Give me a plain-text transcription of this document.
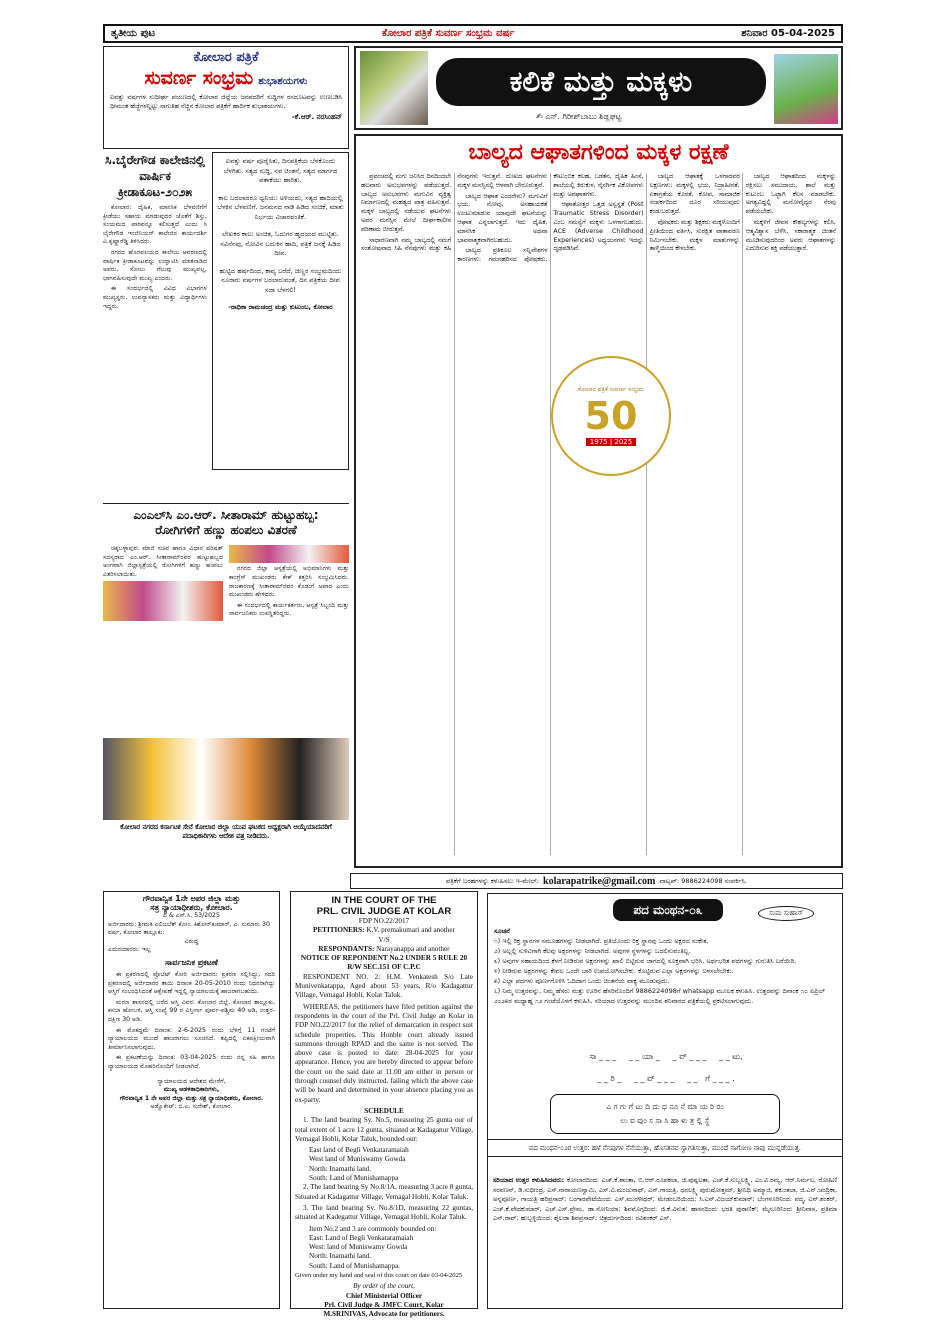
ತೃತೀಯ ಪುಟ	ಕೋಲಾರ ಪತ್ರಿಕೆ ಸುವರ್ಣ ಸಂಭ್ರಮ ವರ್ಷ	ಶನಿವಾರ 05-04-2025
ಕೋಲಾರ ಪತ್ರಿಕೆ
ಸುವರ್ಣ ಸಂಭ್ರಮ ಶುಭಾಶಯಗಳು
ಐವತ್ತು ವರ್ಷಗಳ ಸುದೀರ್ಘ ಪಯಣದಲ್ಲಿ ಕೋಲಾರ ಜಿಲ್ಲೆಯ ಜನಪದರಿಗೆ ಸುದ್ದಿಗಳ ರಸದೂಟವನ್ನು ಉಣಬಡಿಸಿ ಧೀಮಂತ ಹೆಜ್ಜೆಗಳನ್ನಿಟ್ಟು ಸಾಗುತಿಹ ನೆಚ್ಚಿನ ಕೋಲಾರ ಪತ್ರಿಕೆಗೆ ಹಾರ್ದಿಕ ಶುಭಾಶಯಗಳು.
-ಕೆ.ಆರ್. ನರಸಿಂಹನ್
ಕಲಿಕೆ ಮತ್ತು ಮಕ್ಕಳು
✍ ಎನ್. ಗಿರೀಶ್‌ಬಾಬು ಶಿಡ್ಲಘಟ್ಟ
ಬಾಲ್ಯದ ಆಘಾತಗಳಿಂದ ಮಕ್ಕಳ ರಕ್ಷಣೆ

ಪ್ರಪಂಚದಲ್ಲಿ ಮಗು ಜನಿಸಿದ ದಿನದಿಂದಲೇ ಹಲವಾರು ಅನುಭವಗಳನ್ನು ಪಡೆಯುತ್ತದೆ. ಬಾಲ್ಯದ ಅನುಭವಗಳು ಮಗುವಿನ ವ್ಯಕ್ತಿತ್ವ ನಿರ್ಮಾಣದಲ್ಲಿ ಮಹತ್ವದ ಪಾತ್ರ ವಹಿಸುತ್ತವೆ. ಮಕ್ಕಳ ಬಾಲ್ಯದಲ್ಲಿ ನಡೆಯುವ ಘಟನೆಗಳು ಅವರ ಮನಸ್ಸಿನ ಮೇಲೆ ದೀರ್ಘಕಾಲೀನ ಪರಿಣಾಮ ಬೀರುತ್ತವೆ.

ಸಾಧಾರಣವಾಗಿ ನಮ್ಮ ಬಾಲ್ಯದಲ್ಲಿ ನಮಗೆ ಸಂತೋಷವಾದ ಸಿಹಿ ನೆನಪುಗಳು ಮತ್ತು ಕಹಿ ನೆನಪುಗಳು ಇರುತ್ತವೆ. ದುಃಖದ ಘಟನೆಗಳು ಮಕ್ಕಳ ಮನಸ್ಸಿನಲ್ಲಿ ಆಳವಾಗಿ ಬೇರೂರುತ್ತವೆ.

ಬಾಲ್ಯದ ಆಘಾತ ಎಂದರೇನು? ಮಗುವಿಗೆ ಭಯ, ನೋವು, ಅಸಹಾಯಕತೆ ಉಂಟುಮಾಡುವ ಯಾವುದೇ ಘಟನೆಯನ್ನು ಆಘಾತ ಎನ್ನಲಾಗುತ್ತದೆ. ಇದು ದೈಹಿಕ, ಮಾನಸಿಕ ಅಥವಾ ಭಾವನಾತ್ಮಕವಾಗಿರಬಹುದು.

ಬಾಲ್ಯದ ಪ್ರತಿಕೂಲ ಸನ್ನಿವೇಶಗಳ ಕಾರಣಗಳು: ಗಮನಹರಿಸದ ಪೋಷಕರು, ಕೌಟುಂಬಿಕ ಕಲಹ, ಬಡತನ, ದೈಹಿಕ ಹಿಂಸೆ, ಶಾಲೆಯಲ್ಲಿ ಕಿರುಕುಳ, ನೈಸರ್ಗಿಕ ವಿಕೋಪಗಳು ಮತ್ತು ಅಪಘಾತಗಳು.

ಆಘಾತೋತ್ತರ ಒತ್ತಡ ಅಸ್ವಸ್ಥತೆ (Post Traumatic Stress Disorder) ಎಂಬ ಸಮಸ್ಯೆಗೆ ಮಕ್ಕಳು ಒಳಗಾಗಬಹುದು. ACE (Adverse Childhood Experiences) ಅಧ್ಯಯನಗಳು ಇದನ್ನು ದೃಢಪಡಿಸಿವೆ.

ಬಾಲ್ಯದ ಆಘಾತಕ್ಕೆ ಒಳಗಾದವರ ಲಕ್ಷಣಗಳು: ಮಕ್ಕಳಲ್ಲಿ ಭಯ, ನಿದ್ರಾಹೀನತೆ, ಏಕಾಗ್ರತೆಯ ಕೊರತೆ, ಕೋಪ, ಸಾಮಾಜಿಕ ಸಂಪರ್ಕದಿಂದ ದೂರ ಸರಿಯುವುದು ಕಂಡುಬರುತ್ತದೆ.

ಪೋಷಕರು ಮತ್ತು ಶಿಕ್ಷಕರು ಮಕ್ಕಳೊಂದಿಗೆ ಪ್ರೀತಿಯಿಂದ ವರ್ತಿಸಿ, ಸುರಕ್ಷಿತ ವಾತಾವರಣ ನಿರ್ಮಿಸಬೇಕು. ಮಕ್ಕಳ ಮಾತುಗಳನ್ನು ತಾಳ್ಮೆಯಿಂದ ಕೇಳಬೇಕು.

ಬಾಲ್ಯದ ಆಘಾತದಿಂದ ಮಕ್ಕಳನ್ನು ರಕ್ಷಿಸಲು ಸಮುದಾಯ, ಶಾಲೆ ಮತ್ತು ಕುಟುಂಬ ಒಟ್ಟಾಗಿ ಕೆಲಸ ಮಾಡಬೇಕು. ಅಗತ್ಯವಿದ್ದಲ್ಲಿ ಮನೋವೈದ್ಯರ ನೆರವು ಪಡೆಯಬೇಕು.

ಮಕ್ಕಳಿಗೆ ಜೀವನ ಕೌಶಲ್ಯಗಳನ್ನು ಕಲಿಸಿ, ಆತ್ಮವಿಶ್ವಾಸ ಬೆಳೆಸಿ, ಸಕಾರಾತ್ಮಕ ಚಿಂತನೆ ಮೂಡಿಸುವುದರಿಂದ ಅವರು ಆಘಾತಗಳನ್ನು ಎದುರಿಸುವ ಶಕ್ತಿ ಪಡೆಯುತ್ತಾರೆ.

ಕೋಲಾರ ಪತ್ರಿಕೆ ಸುವರ್ಣ ಸಂಭ್ರಮ
50
1975 | 2025
ಸಿ.ಬೈರೇಗೌಡ ಕಾಲೇಜಿನಲ್ಲಿ ವಾರ್ಷಿಕ ಕ್ರೀಡಾಕೂಟ-೨೦೨೫

ಕೋಲಾರ: ದೈಹಿಕ, ಮಾನಸಿಕ ಬೆಳವಣಿಗೆಗೆ ಕ್ರೀಡೆಯು ಸಹಾಯ ಮಾಡುವುದರ ಜೊತೆಗೆ ಶಿಸ್ತು, ಸಂಯಮದ ಪಾಠವನ್ನೂ ಕಲಿಸುತ್ತದೆ ಎಂದು ಸಿ ಬೈರೇಗೌಡ ಇಂಜಿನಿಯರ್ ಕಾಲೇಜಿನ ಕಾರ್ಯದರ್ಶಿ ವಿ.ಕೃಷ್ಣಾರೆಡ್ಡಿ ತಿಳಿಸಿದರು.

ನಗರದ ಹೊರವಲಯದ ಕಾಲೇಜು ಆವರಣದಲ್ಲಿ ವಾರ್ಷಿಕ ಕ್ರೀಡಾಕೂಟವನ್ನು ಉದ್ಘಾಟಿಸಿ ಮಾತನಾಡಿದ ಅವರು, ಸೋಲು ಗೆಲುವು ಮುಖ್ಯವಲ್ಲ, ಭಾಗವಹಿಸುವುದೇ ಮುಖ್ಯ ಎಂದರು.

ಈ ಸಂದರ್ಭದಲ್ಲಿ ವಿವಿಧ ವಿಭಾಗಗಳ ಮುಖ್ಯಸ್ಥರು, ಉಪನ್ಯಾಸಕರು ಮತ್ತು ವಿದ್ಯಾರ್ಥಿಗಳು ಇದ್ದರು.

ಐವತ್ತು ವರ್ಷ ಪೂರೈಸಿತು, ದಿನಪತ್ರಿಕೆಯ ಬೆಳಕೊಂದು ಬೆಳಗಿತು. ಸತ್ಯದ ಸುದ್ದಿ, ನವ ಚಿಂತನೆ, ಸತ್ಯದ ಮಾರ್ಗದ ಪತಾಕೆಯು ಹಾರಿತು.
ಕಾಲ ಬದಲಾದರೂ ಧ್ವನಿಯು ಅಳಿಯದು, ಸತ್ಯದ ಹಾದಿಯಲ್ಲಿ ಬೆಳಕಿನ ಬೆಳವಣಿಗೆ. ಜನಮನದ ನಾಡಿ ಹಿಡಿದ ಸಂಚಿಕೆ, ಮಾತು ನಿರ್ಭಯ ವಿಚಾರವಂತಿಕೆ.
ಲೇಖಕರ ಕಾಲು ಅಂಚಿತ, ಓದುಗರ ಹೃದಯದ ಮುಟ್ಟಿತು. ಸವಿನೆನಪು, ನೋವಿನ ಬದುಕಿನ ಹಾದಿ, ಪತ್ರಿಕೆ ಜನಕ್ಕೆ ಹಿಡಿದ ದೀಪ.
ಹುಟ್ಟಿದ ಹರ್ಷದಿಂದ, ಕಾವ್ಯ ಬರೆದೆ, ಚಿಣ್ಣರ ಸಂಭ್ರಮದಿಂದು ನೂರಾರು ವರ್ಷಗಳ ಬರಲಾರುವಂತೆ, ದಿನ ಪತ್ರಿಕೆಯ ದೀಪ ಸದಾ ಬೆಳಗಲಿ!
-ರಾಧಿಕಾ ರಾಮಚಂದ್ರ ಮತ್ತು ಕುಟುಂಬ, ಕೋಲಾರ
ಎಂಎಲ್‌ಸಿ ಎಂ.ಆರ್. ಸೀತಾರಾಮ್ ಹುಟ್ಟುಹಬ್ಬ:
ರೋಗಿಗಳಿಗೆ ಹಣ್ಣು ಹಂಪಲು ವಿತರಣೆ

ಚಿಕ್ಕಬಳ್ಳಾಪುರ: ಮಾಜಿ ಸಚಿವ ಹಾಗೂ ವಿಧಾನ ಪರಿಷತ್ ಸದಸ್ಯರಾದ ಎಂ.ಆರ್. ಸೀತಾರಾಮ್‌ರವರ ಹುಟ್ಟುಹಬ್ಬದ ಅಂಗವಾಗಿ ಜಿಲ್ಲಾಸ್ಪತ್ರೆಯಲ್ಲಿ ರೋಗಿಗಳಿಗೆ ಹಣ್ಣು ಹಂಪಲು ವಿತರಿಸಲಾಯಿತು.

ನಗರದ ಜಿಲ್ಲಾ ಆಸ್ಪತ್ರೆಯಲ್ಲಿ ಅಭಿಮಾನಿಗಳು ಮತ್ತು ಕಾಂಗ್ರೆಸ್ ಮುಖಂಡರು ಕೇಕ್ ಕತ್ತರಿಸಿ ಸಂಭ್ರಮಿಸಿದರು. ರಾಜಕಾರಣಕ್ಕೆ ಸೀತಾರಾಮ್‌ರವರ ಕೊಡುಗೆ ಅಪಾರ ಎಂದು ಮುಖಂಡರು ಹೇಳಿದರು.

ಈ ಸಂದರ್ಭದಲ್ಲಿ ಕಾರ್ಯಕರ್ತರು, ಆಸ್ಪತ್ರೆ ಸಿಬ್ಬಂದಿ ಮತ್ತು ಸಾರ್ವಜನಿಕರು ಉಪಸ್ಥಿತರಿದ್ದರು.

ಕೋಲಾರ ನಗರದ ಕರ್ನಾಟಕ ಸೇನೆ ಕೋಲಾರ ಜಿಲ್ಲಾ ಯುವ ಘಟಕದ ಅಧ್ಯಕ್ಷರಾಗಿ ಆಯ್ಕೆಯಾದವರಿಗೆ ಪದಾಧಿಕಾರಿಗಳು ಆದೇಶ ಪತ್ರ ನೀಡಿದರು.
ಪತ್ರಿಕೆಗೆ ಬರಹಗಳನ್ನು ಕಳುಹಿಸಲು ಇ-ಮೇಲ್: kolarapatrike@gmail.com ವಾಟ್ಸಪ್: 9886224098 ಸಂಪರ್ಕಿಸಿ.
ಗೌರವಾನ್ವಿತ 1ನೇ ಅಪರ ಜಿಲ್ಲಾ ಮತ್ತು
ಸತ್ರ ನ್ಯಾಯಾಧೀಶರು, ಕೋಲಾರ.
ಪಿ & ಎಸ್.ಸಿ. 53/2025
ಅರ್ಜಿದಾರರು: ಶ್ರೀಮತಿ ಎಲಿಜಬೆತ್ ಕೋಂ. ಕಿಶೋರ್‌ಕುಮಾರ್, ಎ. ಸುಮಾರು 30 ವರ್ಷ, ಕೋಲಾರ ತಾಲ್ಲೂಕು.
ವಿರುದ್ಧ
ಎದುರುದಾರರು: ಇಲ್ಲ
ಸಾರ್ವಜನಿಕ ಪ್ರಕಟಣೆ

ಈ ಪ್ರಕರಣದಲ್ಲಿ ಪ್ರೊಬೆಟ್ ಕೋರಿ ಅರ್ಜಿದಾರರು ಪ್ರಕರಣ ಸಲ್ಲಿಸಿದ್ದು, ಸದರಿ ಪ್ರಕರಣದಲ್ಲಿ ಅರ್ಜಿದಾರರ ತಾಯಿ ದಿನಾಂಕ 20-05-2010 ರಂದು ನಿಧನರಾಗಿದ್ದು ಆಸ್ತಿಗೆ ಸಂಬಂಧಿಸಿದಂತೆ ಆಕ್ಷೇಪಣೆ ಇದ್ದಲ್ಲಿ ನ್ಯಾಯಾಲಯಕ್ಕೆ ಹಾಜರಾಗಬಹುದು.

ಮರಣ ಶಾಸನದಲ್ಲಿ ಬರೆದ ಆಸ್ತಿ ವಿವರ: ಕೋಲಾರ ಜಿಲ್ಲೆ, ಕೋಲಾರ ತಾಲ್ಲೂಕು, ಕಸಬಾ ಹೋಬಳಿ, ಆಸ್ತಿ ಸಂಖ್ಯೆ 99 ರ ವಿಸ್ತೀರ್ಣ ಪೂರ್ವ-ಪಶ್ಚಿಮ 40 ಅಡಿ, ಉತ್ತರ-ದಕ್ಷಿಣ 30 ಅಡಿ.

ಈ ಮೊಕದ್ದಮೆ ದಿನಾಂಕ: 2-6-2025 ರಂದು ಬೆಳಿಗ್ಗೆ 11 ಗಂಟೆಗೆ ನ್ಯಾಯಾಲಯದ ಮುಂದೆ ಹಾಜರಾಗಲು ಸೂಚಿಸಿದೆ. ತಪ್ಪಿದಲ್ಲಿ ಏಕಪಕ್ಷೀಯವಾಗಿ ತೀರ್ಮಾನಿಸಲಾಗುವುದು.

ಈ ಪ್ರಕಟಣೆಯನ್ನು ದಿನಾಂಕ: 03-04-2025 ರಂದು ನನ್ನ ಸಹಿ ಹಾಗೂ ನ್ಯಾಯಾಲಯದ ಮೊಹರಿನೊಂದಿಗೆ ನೀಡಲಾಗಿದೆ.

ನ್ಯಾಯಾಲಯದ ಆದೇಶದ ಮೇರೆಗೆ,
ಮುಖ್ಯ ಆಡಳಿತಾಧಿಕಾರಿಗಳು,
ಗೌರವಾನ್ವಿತ 1 ನೇ ಅಪರ ಜಿಲ್ಲಾ ಮತ್ತು ಸತ್ರ ನ್ಯಾಯಾಧೀಶರು, ಕೋಲಾರ.
ಅಡ್ವೊಕೇಟ್: ಬಿ.ಎ. ಸುರೇಶ್, ಕೋಲಾರ.
IN THE COURT OF THE
PRL. CIVIL JUDGE AT KOLAR
FDP NO.22/2017
PETITIONERS: K.V. premakumari and another
V/S
RESPONDANTS: Narayanappa and another
NOTICE OF REPONDENT No.2 UNDER 5 RULE 20 R/W SEC.151 OF C.P.C

RESPONDENT NO. 2: H.M. Venkatesh S/o Late Munivenkatappa, Aged about 53 years, R/o Kadagattur Village, Vemagal Hobli, Kolar Taluk.

WHEREAS, the petitioners have filed petition against the respondents in the court of the Prl. Civil Judge an Kolar in FDP NO.22/2017 for the relief of demarcation in respect suit schedule properties. This Honble court already issued summons through RPAD and the same is not served. The above case is posted to date: 28-04-2025 for your appearance. Hence, you are hereby directed to appear before the court on the said date at 11.00 am either in person or through counsel duly instructed. failing which the above case will be heard and determined in your absence placing you as ex-party.

SCHEDULE

1. The land bearing Sy. No.5, measuring 25 gunta our of total extent of 1 acre 12 gunta, situated at Kadaganur Village, Vemagal Hobli, Kolar Taluk, bounded our:

East land of Begli Venkataramaiah
West land of Muniswamy Gowda
North: Inamathi land.
South: Land of Munishamappa

2. The land bearing Sy No.8/1A, measuring 3 acre 8 gunta, Situated at Kadagattur Village, Vemagal Hobli, Kolar Taluk.

3. The land bearing Sy. No.8/1D, measuring 22 guntas, situated at Kadegattur Village, Vemagal Hobli, Kolar Taluk.

Item No.2 and 3 are commonly bounded on:
East: Land of Begli Venkataramaiah
West: land of Muniswamy Gowda
North: Inamathi land.
South: Land of Munishamappa.
Given under my hand and seal of this court on date 03-04-2025
By order of the court,
Chief Ministerial Officer
Prl. Civil Judge & JMFC Court, Kolar
M.SRINIVAS, Advocate for petitioners.
ಪದ ಮಂಥನ-೦೩	ಸುಮ ಸುಹಾಸ್
ಸೂಚನೆ
೧) ಇಲ್ಲಿ ರಿಕ್ತ ಸ್ಥಾನಗಳ ಸಮೂಹಗಳನ್ನು ನೀಡಲಾಗಿದೆ. ಪ್ರತಿಯೊಂದು ರಿಕ್ತ ಸ್ಥಾನವು ಒಂದು ಅಕ್ಷರದ ಸಂಕೇತ.
೨) ಅಲ್ಲಲ್ಲಿ ಸುಳಿವಿಗಾಗಿ ಕೆಲವು ಅಕ್ಷರಗಳನ್ನು ನೀಡಲಾಗಿದೆ. ಅವುಗಳ ಸ್ಥಳಗಳನ್ನು ಬದಲಿಸುವಂತಿಲ್ಲ.
೩) ಅವುಗಳ ಸಹಾಯದಿಂದ ಕೆಳಗೆ ನೀಡಿರುವ ಅಕ್ಷರಗಳನ್ನು ಖಾಲಿ ಬಿಟ್ಟಿರುವ ಜಾಗದಲ್ಲಿ ಸೂಕ್ತವಾಗಿ ಭರಿಸಿ, ಅರ್ಥಭರಿತ ಪದಗಳನ್ನು ಗುರುತಿಸಿ ಬರೆಯಿರಿ.
೪) ನೀಡಿರುವ ಅಕ್ಷರಗಳನ್ನು ಕೇವಲ ಒಂದೇ ಬಾರಿ ಉಪಯೋಗಿಸಬೇಕು. ಕೊಟ್ಟಿರುವ ಎಲ್ಲಾ ಅಕ್ಷರಗಳನ್ನು ಬಳಸಲೇಬೇಕು.
೫) ಎಲ್ಲಾ ಪದಗಳು ಪೂರ್ಣಗೊಳಿಸಿ ಓದಿದಾಗ ಒಂದು ಚಿಂತನೆಯ ವಾಕ್ಯ ಮೂಡುವುದು.
೬) ನಿಮ್ಮ ಉತ್ತರವನ್ನು, ನಿಮ್ಮ ಹೆಸರು ಮತ್ತು ಊರಿನ ಹೆಸರಿನೊಂದಿಗೆ 9886224098ಗೆ whatsapp ಮೂಲಕ ಕಳುಹಿಸಿ. ಉತ್ತರವನ್ನು ದಿನಾಂಕ ೧೦ ಏಪ್ರಿಲ್ ೨೦೨೫ರ ಮಧ್ಯಾಹ್ನ ೧೨ ಗಂಟೆಯೊಳಗೆ ಕಳುಹಿಸಿ. ಸರಿಯಾದ ಉತ್ತರವನ್ನು ಮುಂದಿನ ಶನಿವಾರದ ಪತ್ರಿಕೆಯಲ್ಲಿ ಪ್ರಕಟಿಸಲಾಗುವುದು.
ಸಾ _ _ _     _ _ ಯಾ _     _ ವ್ _ _ _     _ _ ಟು,
_ _ ರಿ _     _ _ ವ್ _ _ _     _ _   ಗೆ _ _ _ .
ಎ ಗ ಗು ಗೆ ಟು ದಿ ದು ಧ ನೂ ನೆ ಮಾ ಯ ರಿ ರಂ
ಲು ವ ವುಂ ಸ ಸಾ ಸಿ ಹಾ ಳು ತ್ರ ಲ್ಲಿ ಸ್ಥೆ
ಪದ ಮಂಥನ-೦೨ರ ಉತ್ತರ: ಹಳೆ ನೆನಪುಗಳ ನೆನೆಯುತ್ತಾ, ಹೊಸತನವ ಸ್ವಾಗತಿಸುತ್ತಾ, ಮುಂದೆ ಸಾಗೋಣ ನಾವು ಮುನ್ನಡೆಯುತ್ತ.
ಸರಿಯಾದ ಉತ್ತರ ಕಳುಹಿಸಿದವರು: ಕೋಲಾರದಿಂದ: ಎಚ್.ಕೆ.ಶಾಂತಾ, ಬಿ.ಆರ್.ರೂಪಕಲಾ, ಜಿ.ಪುಷ್ಪಲತಾ, ಎಚ್.ಕೆ.ಸುಬ್ಬಲಕ್ಷ್ಮಿ, ಎಂ.ವಿ.ರಮ್ಯ, ಆರ್.ನಿರ್ಮಲ, ರೋಹಿಣಿ ಸರವಣನ್, ಡಿ.ಸುಧೀಂದ್ರ, ಎಸ್.ನಾರಾಯಣಸ್ವಾಮಿ, ಎಸ್.ವಿ.ಮಂಜುನಾಥ್, ಎನ್.ಗಾಯತ್ರಿ, ಧನಲಕ್ಷ್ಮಿ ಪುರುಷೋತ್ತಮ್, ಶ್ರೀನಿಧಿ ಅಮ್ಮಾಜಿ, ಶಕುಂತಲಾ, ಜಿ.ಎನ್.ಚಂದ್ರಿಕಾ, ಅನ್ನಪೂರ್ಣ, ಗಾಯತ್ರಿ ಹರಿಪ್ರಸಾದ್; ಬಂಗಾರಪೇಟೆಯಿಂದ: ಎಸ್.ಮುರಳೀಧರ್; ಮೇಡಂಬರಿಯಿಂದ: ಸಿ.ಎನ್.ವಿಜಯ್‌ಕುಮಾರ್; ಬೆಂಗಳೂರಿನಿಂದ: ಪದ್ಮ, ಎನ್.ಶಂಕರ್, ಎಚ್.ಕೆ.ವೇದಕುಮಾರ್, ಎಚ್.ಎಸ್.ಪ್ರೇಮ, ಡಾ.ಸೋನಿಯಾ; ಶಿವಮೊಗ್ಗದಿಂದ: ಜಿ.ಕೆ.ವಿನುತ; ಹಾಸನದಿಂದ: ಭರತಿ ಪುರಾಣಿಕ್; ಮೈಸೂರಿನಿಂದ: ಶ್ರೀನಿವಾಸ, ಪ್ರತಿಮಾ ಎನ್.ರಾವ್; ಹುಬ್ಬಳ್ಳಿಯಿಂದ: ಶೈಲಜಾ ಶಿವಪ್ರಸಾದ್; ಚಿತ್ರದುರ್ಗದಿಂದ: ರವಿಶಂಕರ್ ಎಸ್.
